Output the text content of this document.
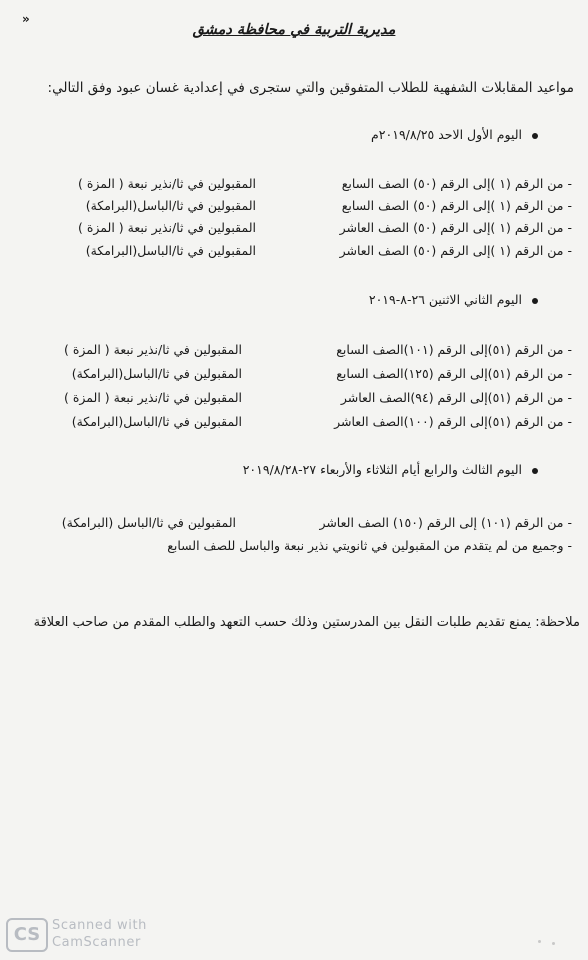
»
مديرية التربية في محافظة دمشق
مواعيد المقابلات الشفهية للطلاب المتفوقين والتي ستجرى في إعدادية غسان عبود وفق التالي:
اليوم الأول الاحد ٢٠١٩/٨/٢٥م
- من الرقم (١ )إلى الرقم (٥٠) الصف السابع
المقبولين في ثا/نذير نبعة ( المزة )
- من الرقم (١ )إلى الرقم (٥٠) الصف السابع
المقبولين في ثا/الباسل(البرامكة)
- من الرقم (١ )إلى الرقم (٥٠) الصف العاشر
المقبولين في ثا/نذير نبعة ( المزة )
- من الرقم (١ )إلى الرقم (٥٠) الصف العاشر
المقبولين في ثا/الباسل(البرامكة)
اليوم الثاني الاثنين ٢٦-٨-٢٠١٩
- من الرقم (٥١)إلى الرقم (١٠١)الصف السابع
المقبولين في ثا/نذير نبعة ( المزة )
- من الرقم (٥١)إلى الرقم (١٢٥)الصف السابع
المقبولين في ثا/الباسل(البرامكة)
- من الرقم (٥١)إلى الرقم (٩٤)الصف العاشر
المقبولين في ثا/نذير نبعة ( المزة )
- من الرقم (٥١)إلى الرقم (١٠٠)الصف العاشر
المقبولين في ثا/الباسل(البرامكة)
اليوم الثالث والرابع أيام الثلاثاء والأربعاء ٢٧-٢٠١٩/٨/٢٨
- من الرقم (١٠١) إلى الرقم (١٥٠) الصف العاشر
المقبولين في ثا/الباسل (البرامكة)
- وجميع من لم يتقدم من المقبولين في ثانويتي نذير نبعة والباسل للصف السابع
ملاحظة: يمنع تقديم طلبات النقل بين المدرستين وذلك حسب التعهد والطلب المقدم من صاحب العلاقة
CS Scanned with
CamScanner
